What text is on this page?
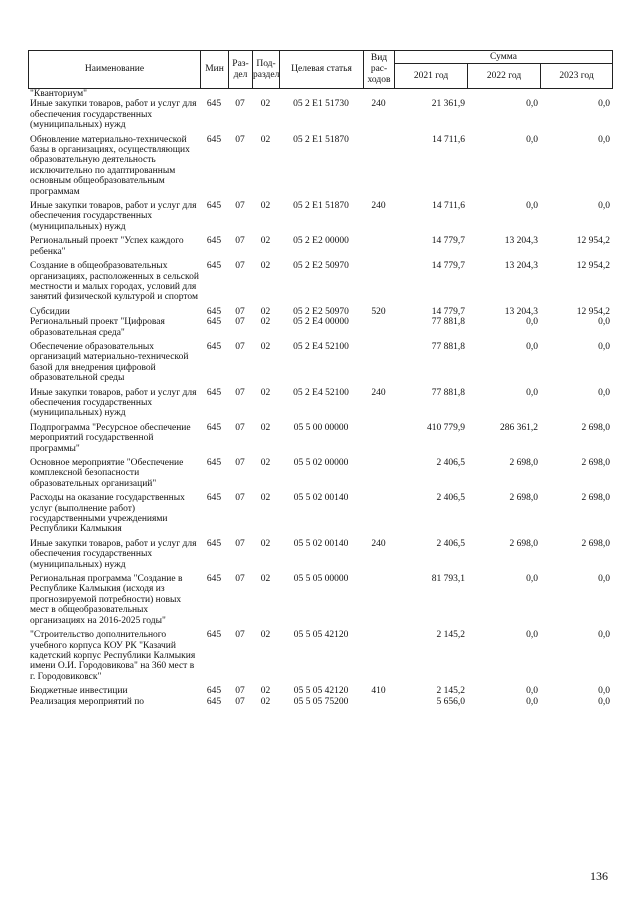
Наименование	Мин	Раз-дел	Под-раздел	Целевая статья	Вид рас-ходов	Сумма		
						2021 год	2022 год	2023 год
"Кванториум"								
Иные закупки товаров, работ и услуг для обеспечения государственных (муниципальных) нужд	645	07	02	05 2 E1 51730	240	21 361,9	0,0	0,0
Обновление материально-технической базы в организациях, осуществляющих образовательную деятельность исключительно по адаптированным основным общеобразовательным программам	645	07	02	05 2 E1 51870		14 711,6	0,0	0,0
Иные закупки товаров, работ и услуг для обеспечения государственных (муниципальных) нужд	645	07	02	05 2 E1 51870	240	14 711,6	0,0	0,0
Региональный проект "Успех каждого ребенка"	645	07	02	05 2 E2 00000		14 779,7	13 204,3	12 954,2
Создание в общеобразовательных организациях, расположенных в сельской местности и малых городах, условий для занятий физической культурой и спортом	645	07	02	05 2 E2 50970		14 779,7	13 204,3	12 954,2
Субсидии	645	07	02	05 2 E2 50970	520	14 779,7	13 204,3	12 954,2
Региональный проект "Цифровая образовательная среда"	645	07	02	05 2 E4 00000		77 881,8	0,0	0,0
Обеспечение образовательных организаций материально-технической базой для внедрения цифровой образовательной среды	645	07	02	05 2 E4 52100		77 881,8	0,0	0,0
Иные закупки товаров, работ и услуг для обеспечения государственных (муниципальных) нужд	645	07	02	05 2 E4 52100	240	77 881,8	0,0	0,0
Подпрограмма "Ресурсное обеспечение мероприятий государственной программы"	645	07	02	05 5 00 00000		410 779,9	286 361,2	2 698,0
Основное мероприятие "Обеспечение комплексной безопасности образовательных организаций"	645	07	02	05 5 02 00000		2 406,5	2 698,0	2 698,0
Расходы на оказание государственных услуг (выполнение работ) государственными учреждениями Республики Калмыкия	645	07	02	05 5 02 00140		2 406,5	2 698,0	2 698,0
Иные закупки товаров, работ и услуг для обеспечения государственных (муниципальных) нужд	645	07	02	05 5 02 00140	240	2 406,5	2 698,0	2 698,0
Региональная программа "Создание в Республике Калмыкия (исходя из прогнозируемой потребности) новых мест в общеобразовательных организациях на 2016-2025 годы"	645	07	02	05 5 05 00000		81 793,1	0,0	0,0
"Строительство дополнительного учебного корпуса КОУ РК "Казачий кадетский корпус Республики Калмыкия имени О.И. Городовикова" на 360 мест в г. Городовиковск"	645	07	02	05 5 05 42120		2 145,2	0,0	0,0
Бюджетные инвестиции	645	07	02	05 5 05 42120	410	2 145,2	0,0	0,0
Реализация мероприятий по	645	07	02	05 5 05 75200		5 656,0	0,0	0,0
136
